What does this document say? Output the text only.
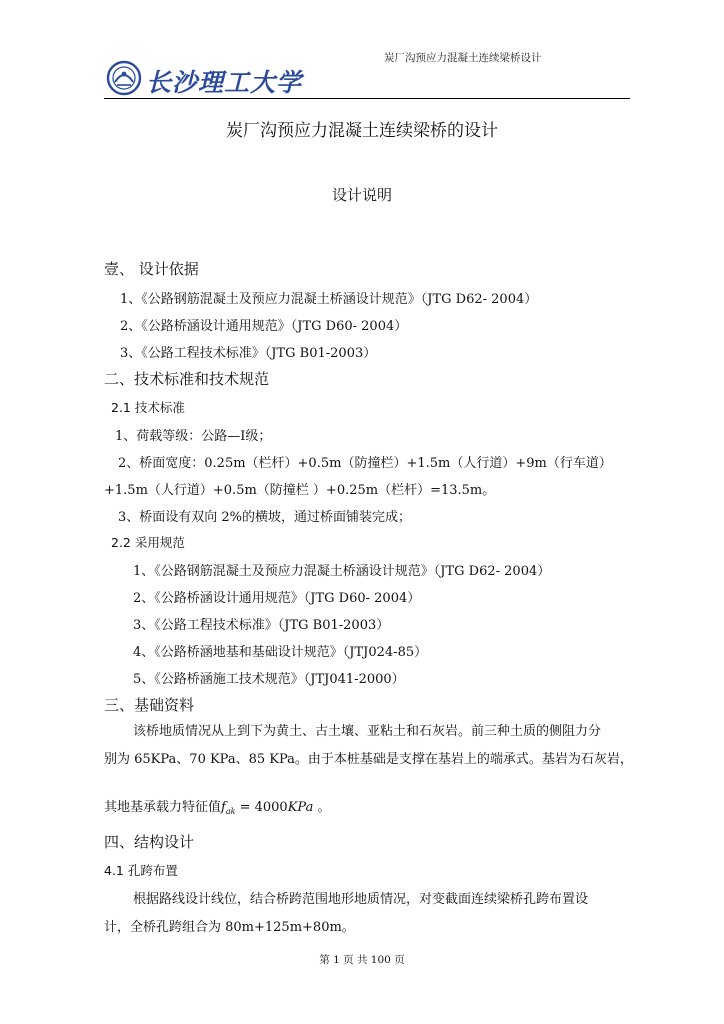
炭厂沟预应力混凝土连续梁桥设计
长沙理工大学
炭厂沟预应力混凝土连续梁桥的设计
设计说明
壹、 设计依据
1、《公路钢筋混凝土及预应力混凝土桥涵设计规范》（JTG D62- 2004）
2、《公路桥涵设计通用规范》（JTG D60- 2004）
3、《公路工程技术标准》（JTG B01-2003）
二、技术标准和技术规范
2.1 技术标准
1、荷载等级：公路—Ⅰ级；
2、桥面宽度：0.25m（栏杆）+0.5m（防撞栏）+1.5m（人行道）+9m（行车道）
+1.5m（人行道）+0.5m（防撞栏 ）+0.25m（栏杆）=13.5m。
3、桥面设有双向 2%的横坡，通过桥面铺装完成；
2.2 采用规范
1、《公路钢筋混凝土及预应力混凝土桥涵设计规范》（JTG D62- 2004）
2、《公路桥涵设计通用规范》（JTG D60- 2004）
3、《公路工程技术标准》（JTG B01-2003）
4、《公路桥涵地基和基础设计规范》（JTJ024-85）
5、《公路桥涵施工技术规范》（JTJ041-2000）
三、基础资料
该桥地质情况从上到下为黄土、古土壤、亚粘土和石灰岩。前三种土质的侧阻力分
别为 65KPa、70 KPa、85 KPa。由于本桩基础是支撑在基岩上的端承式。基岩为石灰岩，
其地基承载力特征值$f_{ak} = 4000KPa$ 。
四、结构设计
4.1 孔跨布置
根据路线设计线位，结合桥跨范围地形地质情况，对变截面连续梁桥孔跨布置设
计，全桥孔跨组合为 80m+125m+80m。
第 1 页 共 100 页
